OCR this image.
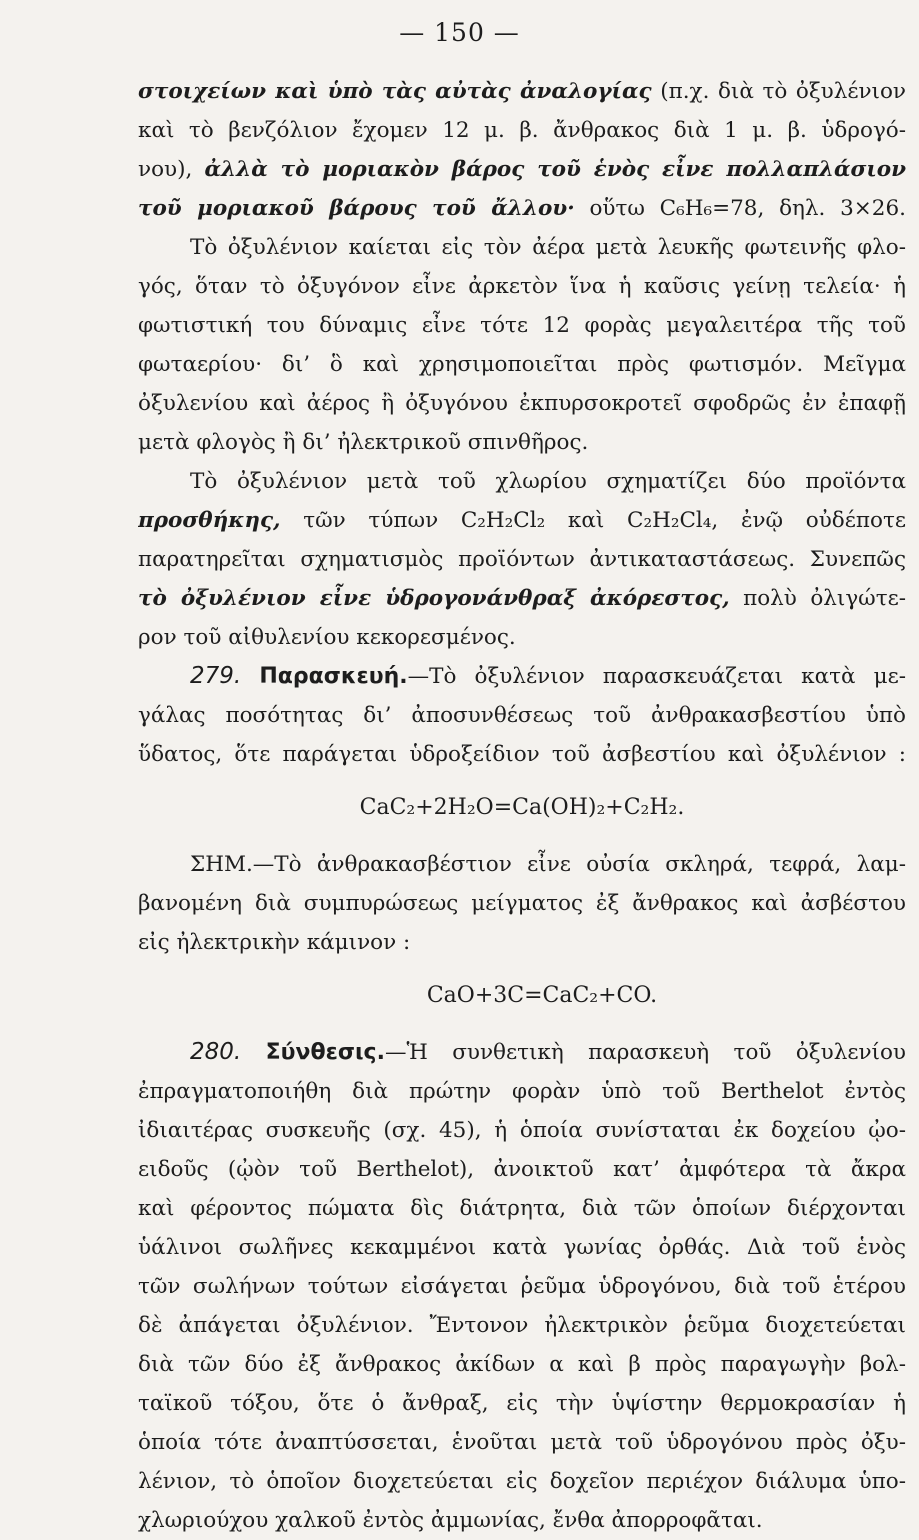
— 150 —
στοιχείων καὶ ὑπὸ τὰς αὐτὰς ἀναλογίας (π.χ. διὰ τὸ ὀξυλένιον
καὶ τὸ βενζόλιον ἔχομεν 12 μ. β. ἄνθρακος διὰ 1 μ. β. ὑδρογό-
νου), ἀλλὰ τὸ μοριακὸν βάρος τοῦ ἑνὸς εἶνε πολλαπλάσιον
τοῦ μοριακοῦ βάρους τοῦ ἄλλου· οὕτω C₆H₆=78, δηλ. 3×26.
Τὸ ὀξυλένιον καίεται εἰς τὸν ἀέρα μετὰ λευκῆς φωτεινῆς φλο-
γός, ὅταν τὸ ὀξυγόνον εἶνε ἀρκετὸν ἵνα ἡ καῦσις γείνῃ τελεία· ἡ
φωτιστική του δύναμις εἶνε τότε 12 φορὰς μεγαλειτέρα τῆς τοῦ
φωταερίου· δι’ ὃ καὶ χρησιμοποιεῖται πρὸς φωτισμόν. Μεῖγμα
ὀξυλενίου καὶ ἀέρος ἢ ὀξυγόνου ἐκπυρσοκροτεῖ σφοδρῶς ἐν ἐπαφῇ
μετὰ φλογὸς ἢ δι’ ἠλεκτρικοῦ σπινθῆρος.
Τὸ ὀξυλένιον μετὰ τοῦ χλωρίου σχηματίζει δύο προϊόντα
προσθήκης, τῶν τύπων C₂H₂Cl₂ καὶ C₂H₂Cl₄, ἐνῷ οὐδέποτε
παρατηρεῖται σχηματισμὸς προϊόντων ἀντικαταστάσεως. Συνεπῶς
τὸ ὀξυλένιον εἶνε ὑδρογονάνθραξ ἀκόρεστος, πολὺ ὀλιγώτε-
ρον τοῦ αἰθυλενίου κεκορεσμένος.
279. Παρασκευή.—Τὸ ὀξυλένιον παρασκευάζεται κατὰ με-
γάλας ποσότητας δι’ ἀποσυνθέσεως τοῦ ἀνθρακασβεστίου ὑπὸ
ὕδατος, ὅτε παράγεται ὑδροξείδιον τοῦ ἀσβεστίου καὶ ὀξυλένιον :
CaC₂+2H₂O=Ca(OH)₂+C₂H₂.
ΣΗΜ.—Τὸ ἀνθρακασβέστιον εἶνε οὐσία σκληρά, τεφρά, λαμ-
βανομένη διὰ συμπυρώσεως μείγματος ἐξ ἄνθρακος καὶ ἀσβέστου
εἰς ἠλεκτρικὴν κάμινον :
CaO+3C=CaC₂+CO.
280. Σύνθεσις.—Ἡ συνθετικὴ παρασκευὴ τοῦ ὀξυλενίου
ἐπραγματοποιήθη διὰ πρώτην φορὰν ὑπὸ τοῦ Berthelot ἐντὸς
ἰδιαιτέρας συσκευῆς (σχ. 45), ἡ ὁποία συνίσταται ἐκ δοχείου ᾠο-
ειδοῦς (ᾠὸν τοῦ Berthelot), ἀνοικτοῦ κατ’ ἀμφότερα τὰ ἄκρα
καὶ φέροντος πώματα δὶς διάτρητα, διὰ τῶν ὁποίων διέρχονται
ὑάλινοι σωλῆνες κεκαμμένοι κατὰ γωνίας ὀρθάς. Διὰ τοῦ ἑνὸς
τῶν σωλήνων τούτων εἰσάγεται ῥεῦμα ὑδρογόνου, διὰ τοῦ ἑτέρου
δὲ ἀπάγεται ὀξυλένιον. Ἔντονον ἠλεκτρικὸν ῥεῦμα διοχετεύεται
διὰ τῶν δύο ἐξ ἄνθρακος ἀκίδων α καὶ β πρὸς παραγωγὴν βολ-
ταϊκοῦ τόξου, ὅτε ὁ ἄνθραξ, εἰς τὴν ὑψίστην θερμοκρασίαν ἡ
ὁποία τότε ἀναπτύσσεται, ἑνοῦται μετὰ τοῦ ὑδρογόνου πρὸς ὀξυ-
λένιον, τὸ ὁποῖον διοχετεύεται εἰς δοχεῖον περιέχον διάλυμα ὑπο-
χλωριούχου χαλκοῦ ἐντὸς ἀμμωνίας, ἔνθα ἀπορροφᾶται.
